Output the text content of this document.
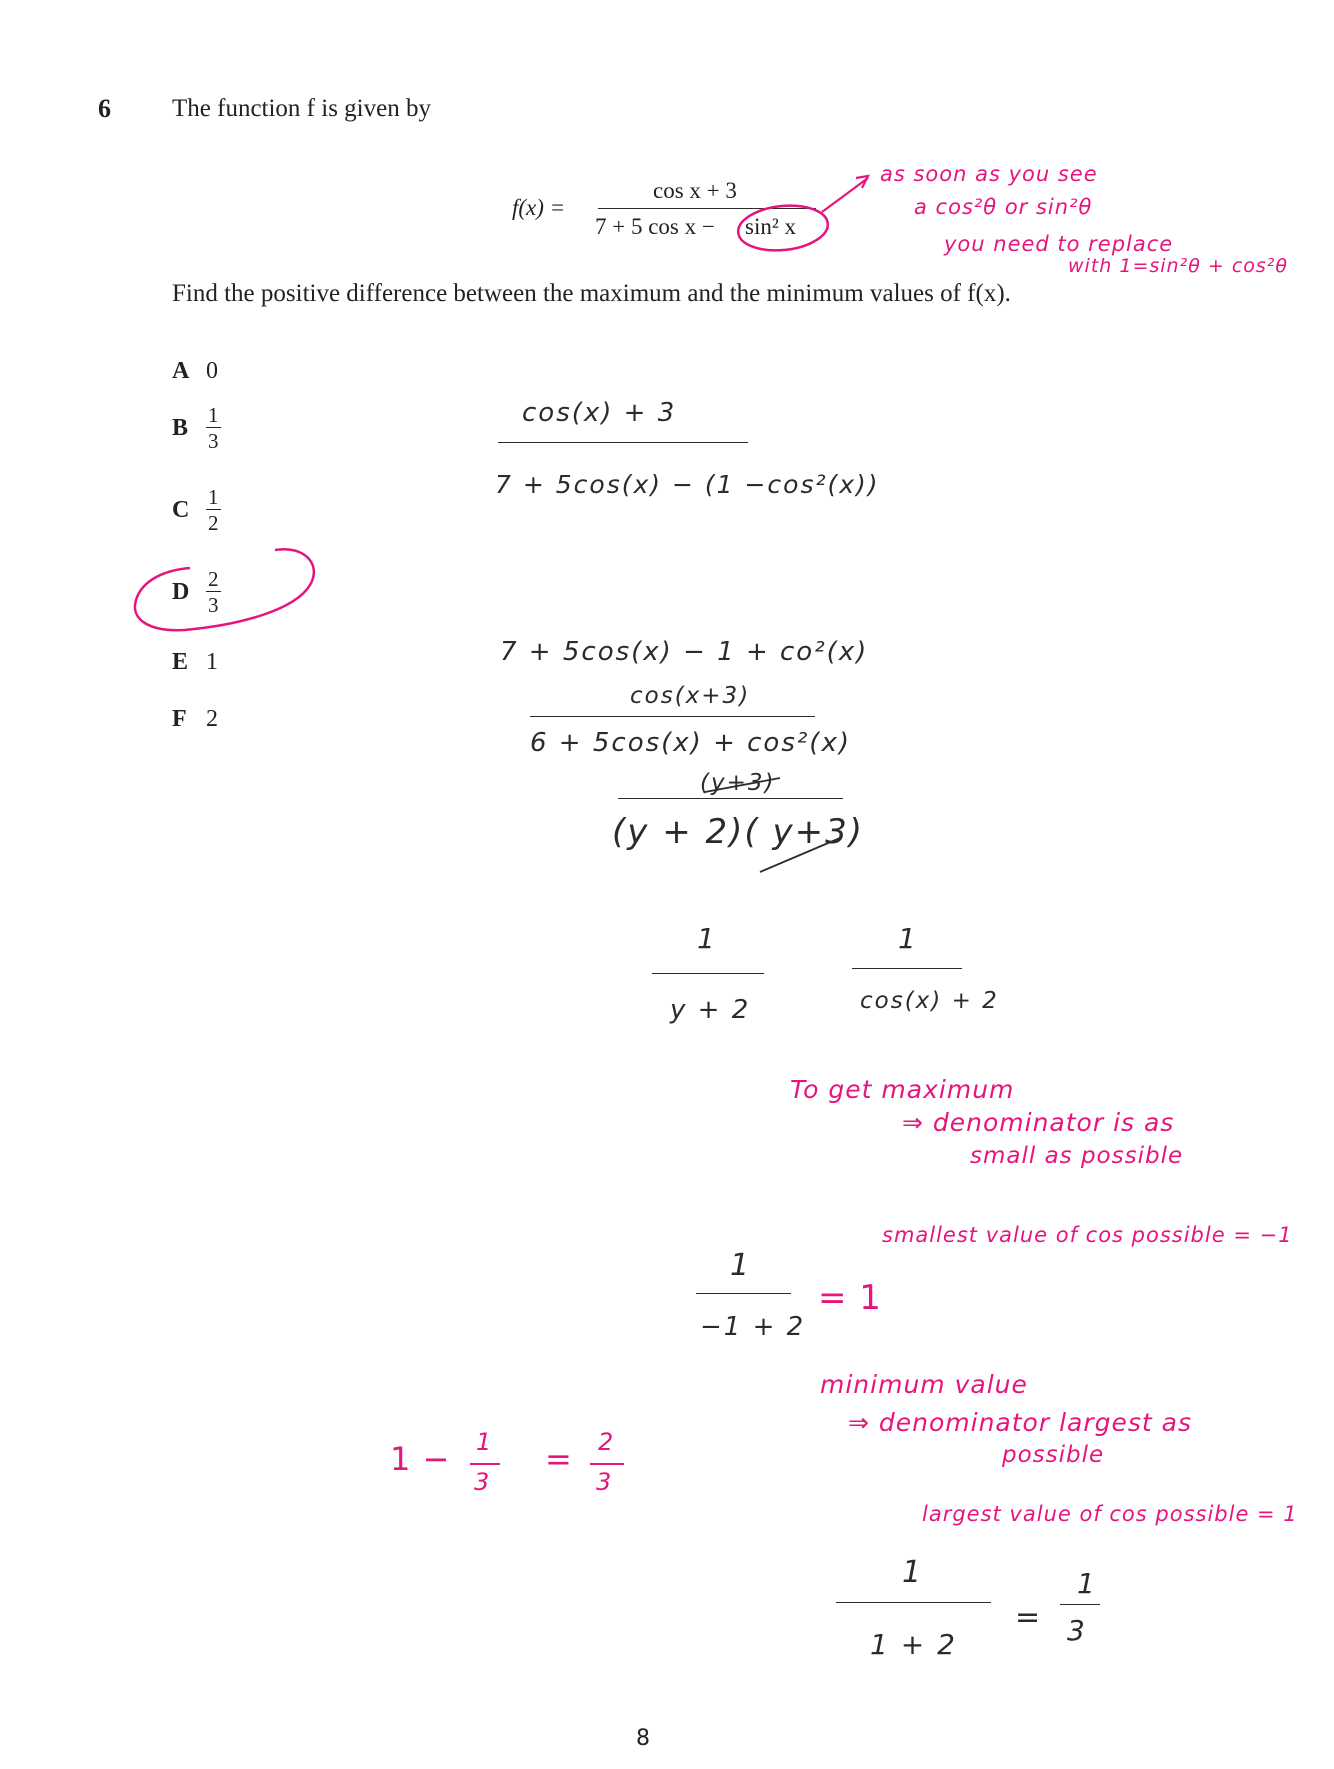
6 The function f is given by
f(x) =
cos x + 3
7 + 5 cos x − sin² x
Find the positive difference between the maximum and the minimum values of f(x).
A 0
B $\frac{1}{3}$
C $\frac{1}{2}$
D $\frac{2}{3}$
E 1
F 2
as soon as you see
a cos²θ or sin²θ
you need to replace
with 1=sin²θ + cos²θ
cos(x) + 3
7 + 5cos(x) − (1 −cos²(x))
7 + 5cos(x) − 1 + co²(x)
cos(x+3)
6 + 5cos(x) + cos²(x)
(y+3)
(y + 2)( y+3)
1
y + 2
1
cos(x) + 2
To get maximum
⇒ denominator is as
small as possible
smallest value of cos possible = −1
1
−1 + 2
= 1
minimum value
⇒ denominator largest as
possible
largest value of cos possible = 1
1
1 + 2
=
1
3
1 − 1
3
= 2
3
8
